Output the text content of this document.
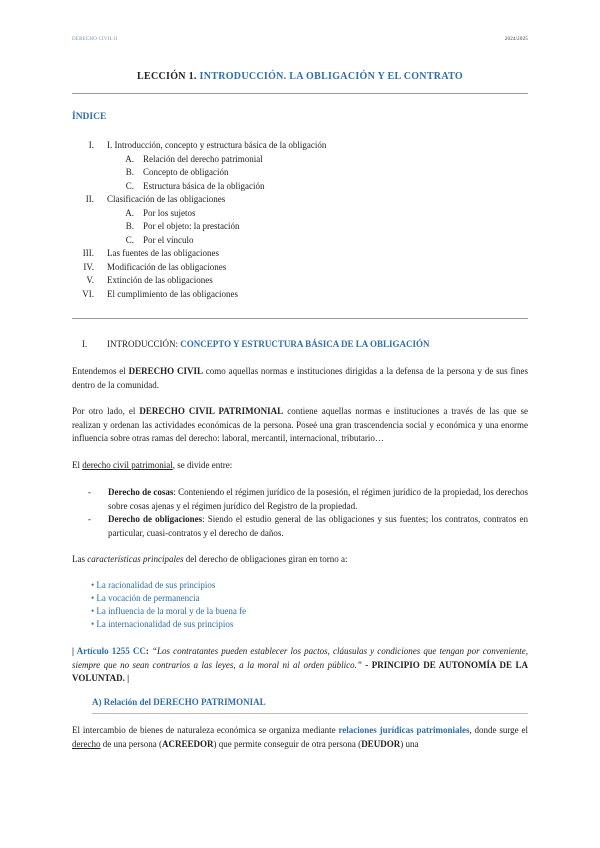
DERECHO CIVIL II	2024/2025
LECCIÓN 1. INTRODUCCIÓN. LA OBLIGACIÓN Y EL CONTRATO
ÍNDICE
I. I. Introducción, concepto y estructura básica de la obligación
A. Relación del derecho patrimonial
B. Concepto de obligación
C. Estructura básica de la obligación
II. Clasificación de las obligaciones
A. Por los sujetos
B. Por el objeto: la prestación
C. Por el vínculo
III. Las fuentes de las obligaciones
IV. Modificación de las obligaciones
V. Extinción de las obligaciones
VI. El cumplimiento de las obligaciones
I. INTRODUCCIÓN: CONCEPTO Y ESTRUCTURA BÁSICA DE LA OBLIGACIÓN

Entendemos el DERECHO CIVIL como aquellas normas e instituciones dirigidas a la defensa de la persona y de sus fines dentro de la comunidad.

Por otro lado, el DERECHO CIVIL PATRIMONIAL contiene aquellas normas e instituciones a través de las que se realizan y ordenan las actividades económicas de la persona. Poseé una gran trascendencia social y económica y una enorme influencia sobre otras ramas del derecho: laboral, mercantil, internacional, tributario…

El derecho civil patrimonial, se divide entre:

- Derecho de cosas: Conteniendo el régimen jurídico de la posesión, el régimen jurídico de la propiedad, los derechos sobre cosas ajenas y el régimen jurídico del Registro de la propiedad.
- Derecho de obligaciones: Siendo el estudio general de las obligaciones y sus fuentes; los contratos, contratos en particular, cuasi-contratos y el derecho de daños.

Las características principales del derecho de obligaciones giran en torno a:

• La racionalidad de sus principios
• La vocación de permanencia
• La influencia de la moral y de la buena fe
• La internacionalidad de sus principios

| Artículo 1255 CC: “Los contratantes pueden establecer los pactos, cláusulas y condiciones que tengan por conveniente, siempre que no sean contrarios a las leyes, a la moral ni al orden público.” - PRINCIPIO DE AUTONOMÍA DE LA VOLUNTAD. |

A) Relación del DERECHO PATRIMONIAL

El intercambio de bienes de naturaleza económica se organiza mediante relaciones jurídicas patrimoniales, donde surge el derecho de una persona (ACREEDOR) que permite conseguir de otra persona (DEUDOR) una
